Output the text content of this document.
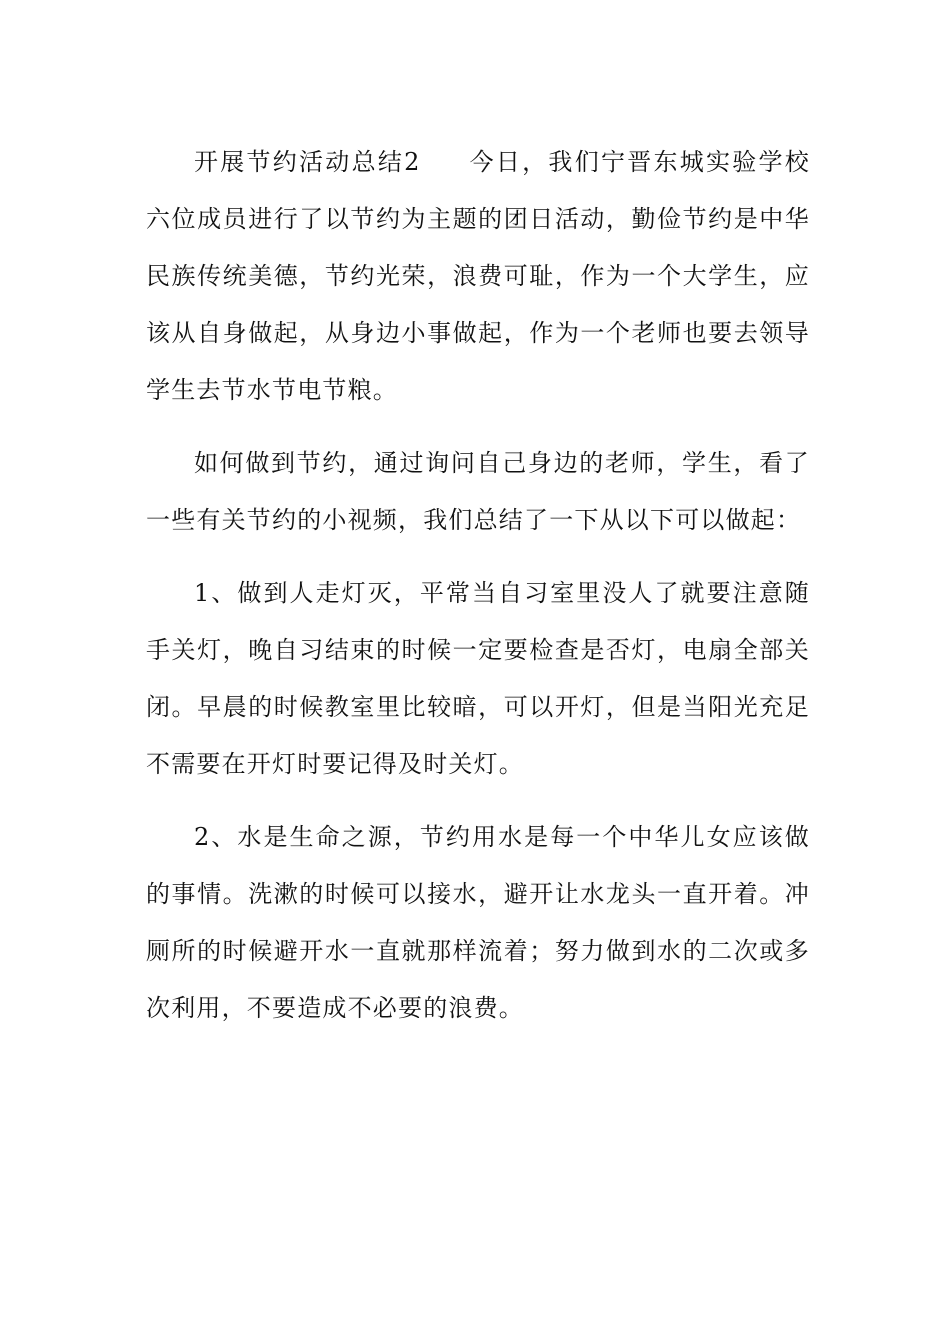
开展节约活动总结2 今日，我们宁晋东城实验学校六位成员进行了以节约为主题的团日活动，勤俭节约是中华民族传统美德，节约光荣，浪费可耻，作为一个大学生，应该从自身做起，从身边小事做起，作为一个老师也要去领导学生去节水节电节粮。

如何做到节约，通过询问自己身边的老师，学生，看了一些有关节约的小视频，我们总结了一下从以下可以做起：

1、做到人走灯灭，平常当自习室里没人了就要注意随手关灯，晚自习结束的时候一定要检查是否灯，电扇全部关闭。早晨的时候教室里比较暗，可以开灯，但是当阳光充足不需要在开灯时要记得及时关灯。

2、水是生命之源，节约用水是每一个中华儿女应该做的事情。洗漱的时候可以接水，避开让水龙头一直开着。冲厕所的时候避开水一直就那样流着；努力做到水的二次或多次利用，不要造成不必要的浪费。
